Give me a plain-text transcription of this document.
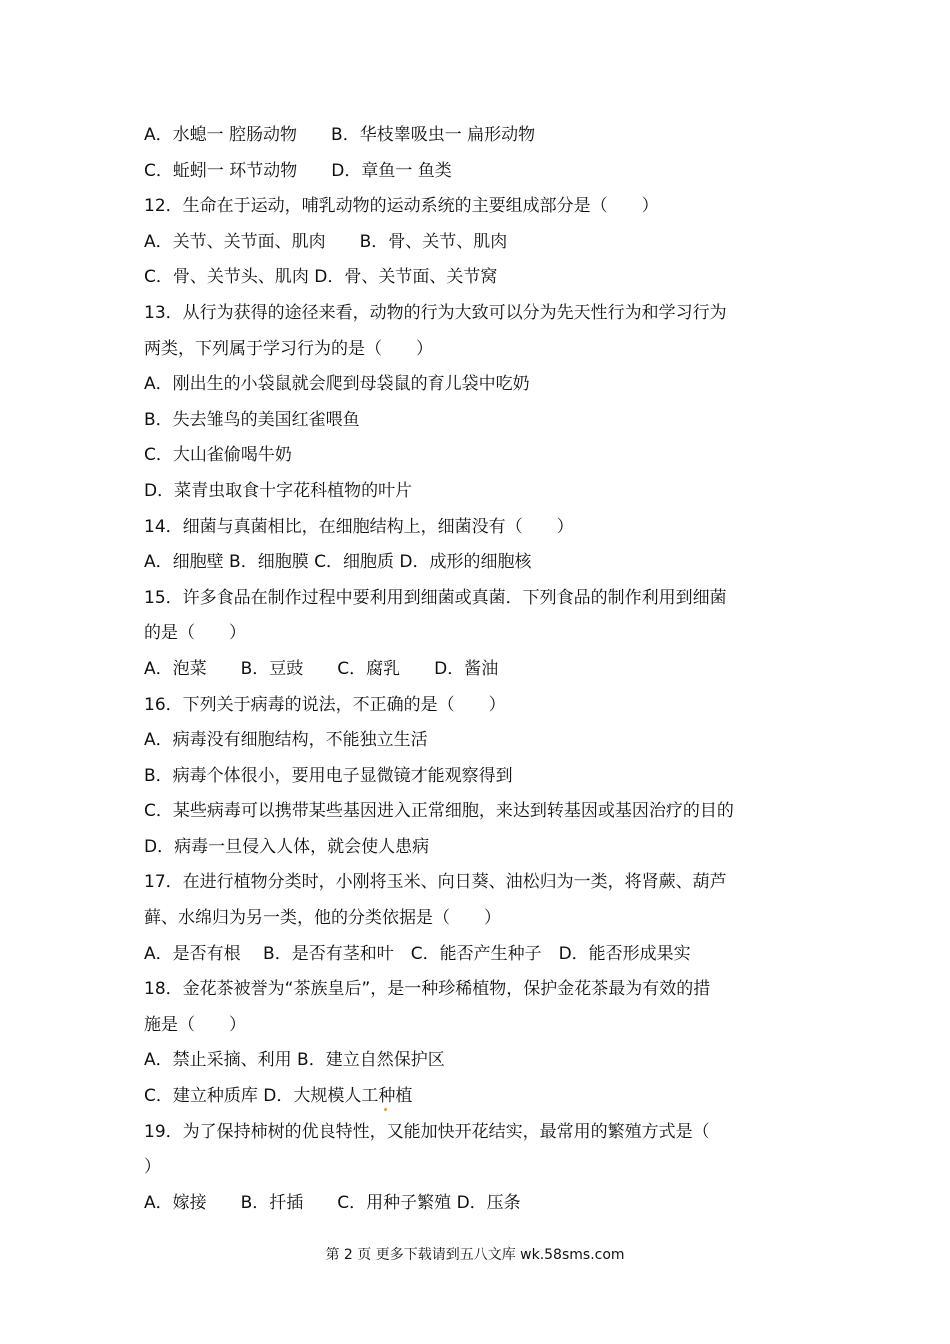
A．水螅一 腔肠动物　　B．华枝睾吸虫一 扁形动物
C．蚯蚓一 环节动物　　D．章鱼一 鱼类
12．生命在于运动，哺乳动物的运动系统的主要组成部分是（　　）
A．关节、关节面、肌肉　　B．骨、关节、肌肉
C．骨、关节头、肌肉 D．骨、关节面、关节窝
13．从行为获得的途径来看，动物的行为大致可以分为先天性行为和学习行为
两类，下列属于学习行为的是（　　）
A．刚出生的小袋鼠就会爬到母袋鼠的育儿袋中吃奶
B．失去雏鸟的美国红雀喂鱼
C．大山雀偷喝牛奶
D．菜青虫取食十字花科植物的叶片
14．细菌与真菌相比，在细胞结构上，细菌没有（　　）
A．细胞壁 B．细胞膜 C．细胞质 D．成形的细胞核
15．许多食品在制作过程中要利用到细菌或真菌．下列食品的制作利用到细菌
的是（　　）
A．泡菜　　B．豆豉　　C．腐乳　　D．酱油
16．下列关于病毒的说法，不正确的是（　　）
A．病毒没有细胞结构，不能独立生活
B．病毒个体很小，要用电子显微镜才能观察得到
C．某些病毒可以携带某些基因进入正常细胞，来达到转基因或基因治疗的目的
D．病毒一旦侵入人体，就会使人患病
17．在进行植物分类时，小刚将玉米、向日葵、油松归为一类，将肾蕨、葫芦
藓、水绵归为另一类，他的分类依据是（　　）
A．是否有根　 B．是否有茎和叶　C．能否产生种子　D．能否形成果实
18．金花茶被誉为“茶族皇后”，是一种珍稀植物，保护金花茶最为有效的措
施是（　　）
A．禁止采摘、利用 B．建立自然保护区
C．建立种质库 D．大规模人工种植
19．为了保持柿树的优良特性，又能加快开花结实，最常用的繁殖方式是（
）
A．嫁接　　B．扦插　　C．用种子繁殖 D．压条
第 2 页 更多下载请到五八文库 wk.58sms.com
